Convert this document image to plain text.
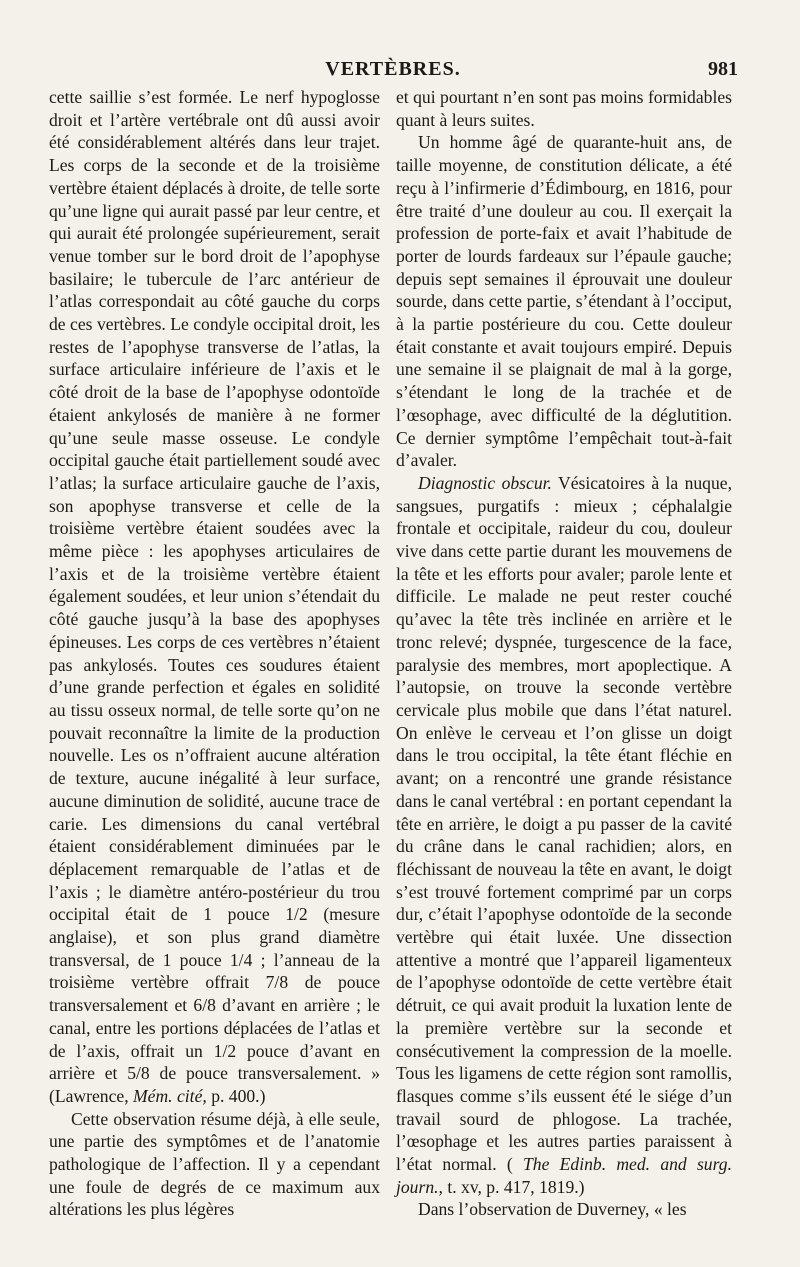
VERTÈBRES.	981

cette saillie s’est formée. Le nerf hypoglosse droit et l’artère vertébrale ont dû aussi avoir été considérablement altérés dans leur trajet. Les corps de la seconde et de la troisième vertèbre étaient déplacés à droite, de telle sorte qu’une ligne qui aurait passé par leur centre, et qui aurait été prolongée supérieurement, serait venue tomber sur le bord droit de l’apophyse basilaire; le tubercule de l’arc antérieur de l’atlas correspondait au côté gauche du corps de ces vertèbres. Le condyle occipital droit, les restes de l’apophyse transverse de l’atlas, la surface articulaire inférieure de l’axis et le côté droit de la base de l’apophyse odontoïde étaient ankylosés de manière à ne former qu’une seule masse osseuse. Le condyle occipital gauche était partiellement soudé avec l’atlas; la surface articulaire gauche de l’axis, son apophyse transverse et celle de la troisième vertèbre étaient soudées avec la même pièce : les apophyses articulaires de l’axis et de la troisième vertèbre étaient également soudées, et leur union s’étendait du côté gauche jusqu’à la base des apophyses épineuses. Les corps de ces vertèbres n’étaient pas ankylosés. Toutes ces soudures étaient d’une grande perfection et égales en solidité au tissu osseux normal, de telle sorte qu’on ne pouvait reconnaître la limite de la production nouvelle. Les os n’offraient aucune altération de texture, aucune inégalité à leur surface, aucune diminution de solidité, aucune trace de carie. Les dimensions du canal vertébral étaient considérablement diminuées par le déplacement remarquable de l’atlas et de l’axis ; le diamètre antéro-postérieur du trou occipital était de 1 pouce 1/2 (mesure anglaise), et son plus grand diamètre transversal, de 1 pouce 1/4 ; l’anneau de la troisième vertèbre offrait 7/8 de pouce transversalement et 6/8 d’avant en arrière ; le canal, entre les portions déplacées de l’atlas et de l’axis, offrait un 1/2 pouce d’avant en arrière et 5/8 de pouce transversalement. » (Lawrence, Mém. cité, p. 400.)

Cette observation résume déjà, à elle seule, une partie des symptômes et de l’anatomie pathologique de l’affection. Il y a cependant une foule de degrés de ce maximum aux altérations les plus légères

et qui pourtant n’en sont pas moins formidables quant à leurs suites.

Un homme âgé de quarante-huit ans, de taille moyenne, de constitution délicate, a été reçu à l’infirmerie d’Édimbourg, en 1816, pour être traité d’une douleur au cou. Il exerçait la profession de porte-faix et avait l’habitude de porter de lourds fardeaux sur l’épaule gauche; depuis sept semaines il éprouvait une douleur sourde, dans cette partie, s’étendant à l’occiput, à la partie postérieure du cou. Cette douleur était constante et avait toujours empiré. Depuis une semaine il se plaignait de mal à la gorge, s’étendant le long de la trachée et de l’œsophage, avec difficulté de la déglutition. Ce dernier symptôme l’empêchait tout-à-fait d’avaler.

Diagnostic obscur. Vésicatoires à la nuque, sangsues, purgatifs : mieux ; céphalalgie frontale et occipitale, raideur du cou, douleur vive dans cette partie durant les mouvemens de la tête et les efforts pour avaler; parole lente et difficile. Le malade ne peut rester couché qu’avec la tête très inclinée en arrière et le tronc relevé; dyspnée, turgescence de la face, paralysie des membres, mort apoplectique. A l’autopsie, on trouve la seconde vertèbre cervicale plus mobile que dans l’état naturel. On enlève le cerveau et l’on glisse un doigt dans le trou occipital, la tête étant fléchie en avant; on a rencontré une grande résistance dans le canal vertébral : en portant cependant la tête en arrière, le doigt a pu passer de la cavité du crâne dans le canal rachidien; alors, en fléchissant de nouveau la tête en avant, le doigt s’est trouvé fortement comprimé par un corps dur, c’était l’apophyse odontoïde de la seconde vertèbre qui était luxée. Une dissection attentive a montré que l’appareil ligamenteux de l’apophyse odontoïde de cette vertèbre était détruit, ce qui avait produit la luxation lente de la première vertèbre sur la seconde et consécutivement la compression de la moelle. Tous les ligamens de cette région sont ramollis, flasques comme s’ils eussent été le siége d’un travail sourd de phlogose. La trachée, l’œsophage et les autres parties paraissent à l’état normal. ( The Edinb. med. and surg. journ., t. xv, p. 417, 1819.)

Dans l’observation de Duverney, « les
